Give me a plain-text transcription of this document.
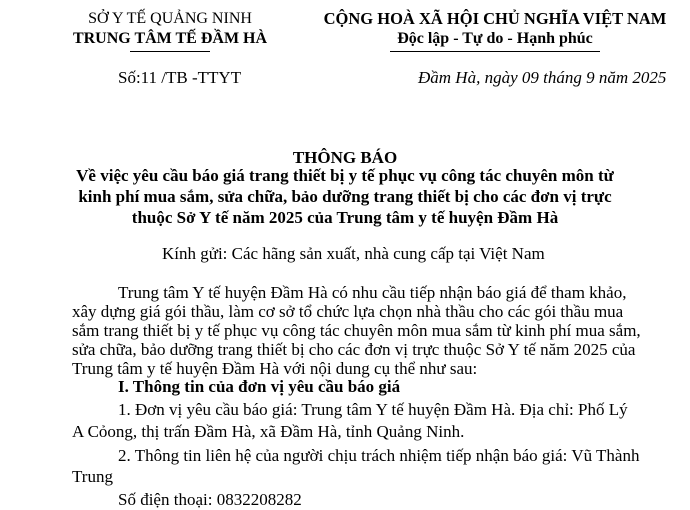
SỞ Y TẾ QUẢNG NINH
TRUNG TÂM TẾ ĐẦM HÀ
CỘNG HOÀ XÃ HỘI CHỦ NGHĨA VIỆT NAM
Độc lập - Tự do - Hạnh phúc
Số:11 /TB -TTYT	Đầm Hà, ngày 09 tháng 9 năm 2025
THÔNG BÁO
Về việc yêu cầu báo giá trang thiết bị y tế phục vụ công tác chuyên môn từ
kinh phí mua sắm, sửa chữa, bảo dưỡng trang thiết bị cho các đơn vị trực
thuộc Sở Y tế năm 2025 của Trung tâm y tế huyện Đầm Hà
Kính gửi: Các hãng sản xuất, nhà cung cấp tại Việt Nam
Trung tâm Y tế huyện Đầm Hà có nhu cầu tiếp nhận báo giá để tham khảo,
xây dựng giá gói thầu, làm cơ sở tổ chức lựa chọn nhà thầu cho các gói thầu mua
sắm trang thiết bị y tế phục vụ công tác chuyên môn mua sắm từ kinh phí mua sắm,
sửa chữa, bảo dưỡng trang thiết bị cho các đơn vị trực thuộc Sở Y tế năm 2025 của
Trung tâm y tế huyện Đầm Hà với nội dung cụ thể như sau:
I. Thông tin của đơn vị yêu cầu báo giá
1. Đơn vị yêu cầu báo giá: Trung tâm Y tế huyện Đầm Hà. Địa chỉ: Phố Lý
A Cỏong, thị trấn Đầm Hà, xã Đầm Hà, tỉnh Quảng Ninh.
2. Thông tin liên hệ của người chịu trách nhiệm tiếp nhận báo giá: Vũ Thành
Trung
Số điện thoại: 0832208282
